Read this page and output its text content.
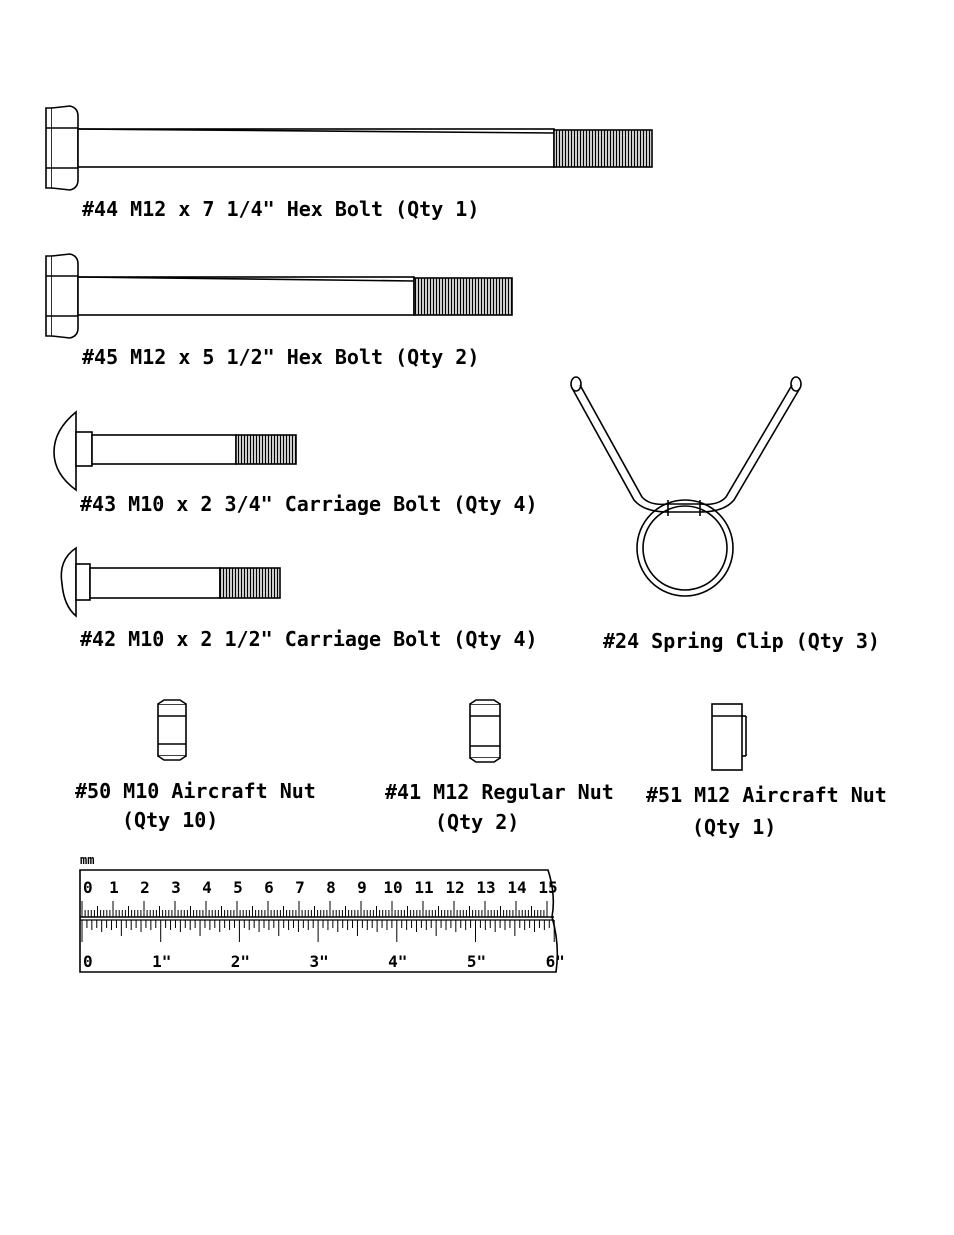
mm
0 1 2 3 4 5 6 7 8 9 10 11 12 13 14 15
0	1"	2"	3"	4"	5"	6"
#44 M12 x 7 1/4" Hex Bolt (Qty 1)
#45 M12 x 5 1/2" Hex Bolt (Qty 2)
#43 M10 x 2 3/4" Carriage Bolt (Qty 4)
#42 M10 x 2 1/2" Carriage Bolt (Qty 4)	#24 Spring Clip (Qty 3)
#50 M10 Aircraft Nut
(Qty 10)
#41 M12 Regular Nut
(Qty 2)
#51 M12 Aircraft Nut
(Qty 1)
